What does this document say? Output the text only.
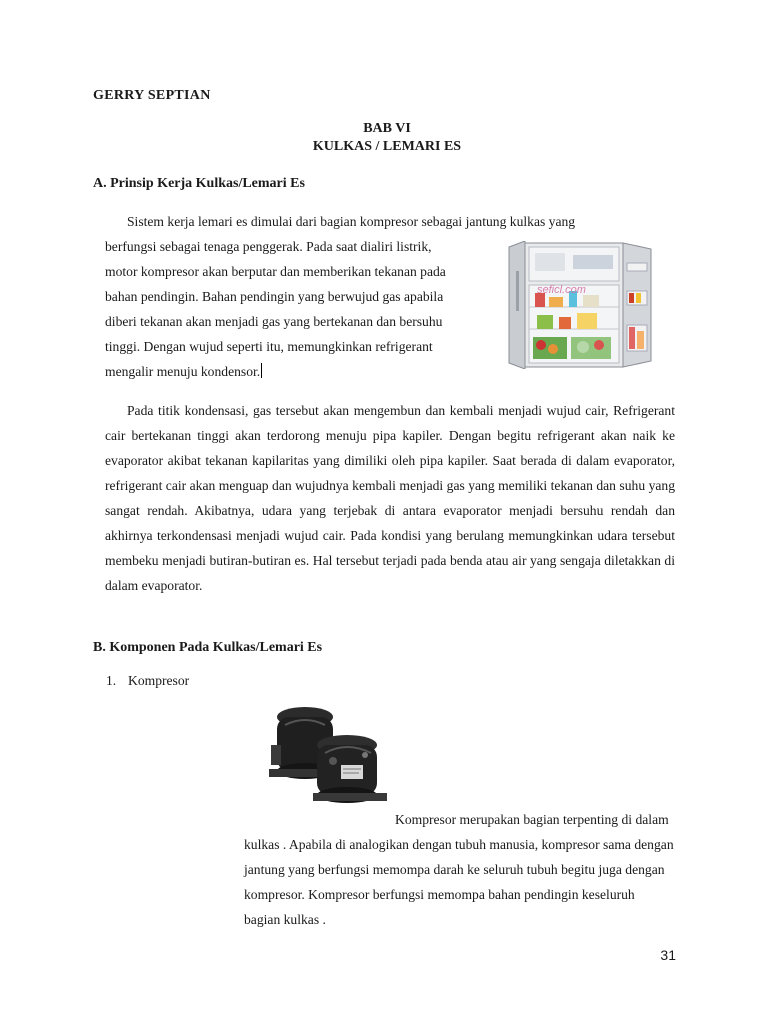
GERRY SEPTIAN
BAB VI
KULKAS / LEMARI ES
A. Prinsip Kerja Kulkas/Lemari Es
Sistem kerja lemari es dimulai dari bagian kompresor sebagai jantung kulkas yang
berfungsi sebagai tenaga penggerak. Pada saat dialiri listrik,
motor kompresor akan berputar dan memberikan tekanan pada
bahan pendingin. Bahan pendingin yang berwujud gas apabila
diberi tekanan akan menjadi gas yang bertekanan dan bersuhu
tinggi. Dengan wujud seperti itu, memungkinkan refrigerant
mengalir menuju kondensor.
seficl.com
Pada titik kondensasi, gas tersebut akan mengembun dan kembali menjadi wujud cair, Refrigerant cair bertekanan tinggi akan terdorong menuju pipa kapiler. Dengan begitu refrigerant akan naik ke evaporator akibat tekanan kapilaritas yang dimiliki oleh pipa kapiler. Saat berada di dalam evaporator, refrigerant cair akan menguap dan wujudnya kembali menjadi gas yang memiliki tekanan dan suhu yang sangat rendah. Akibatnya, udara yang terjebak di antara evaporator menjadi bersuhu rendah dan akhirnya terkondensasi menjadi wujud cair. Pada kondisi yang berulang memungkinkan udara tersebut membeku menjadi butiran-butiran es. Hal tersebut terjadi pada benda atau air yang sengaja diletakkan di dalam evaporator.
B. Komponen Pada Kulkas/Lemari Es
1. Kompresor
Kompresor merupakan bagian terpenting di dalam kulkas . Apabila di analogikan dengan tubuh manusia, kompresor sama dengan jantung yang berfungsi memompa darah ke seluruh tubuh begitu juga dengan kompresor. Kompresor berfungsi memompa bahan pendingin keseluruh bagian kulkas .
31
